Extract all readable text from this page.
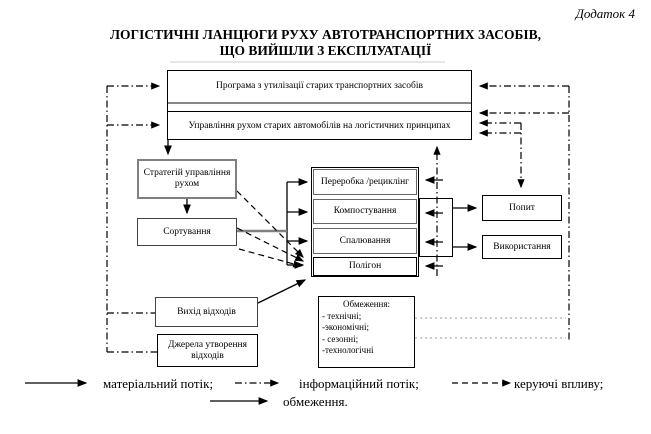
Додаток 4
ЛОГІСТИЧНІ ЛАНЦЮГИ РУХУ АВТОТРАНСПОРТНИХ ЗАСОБІВ,
ЩО ВИЙШЛИ З ЕКСПЛУАТАЦІЇ
Програма з утилізації старих транспортних засобів
Управління рухом старих автомобілів на логістичних принципах
Стратегій управління рухом
Сортування
Переробка /рециклінг
Компостування
Спалювання
Полігон
Попит
Використання
Вихід відходів
Джерела утворення відходів
Обмеження:
- технічні;
-экономічні;
- сезонні;
-технологічні
матеріальний потік;	інформаційний потік;	керуючі впливу;
обмеження.
